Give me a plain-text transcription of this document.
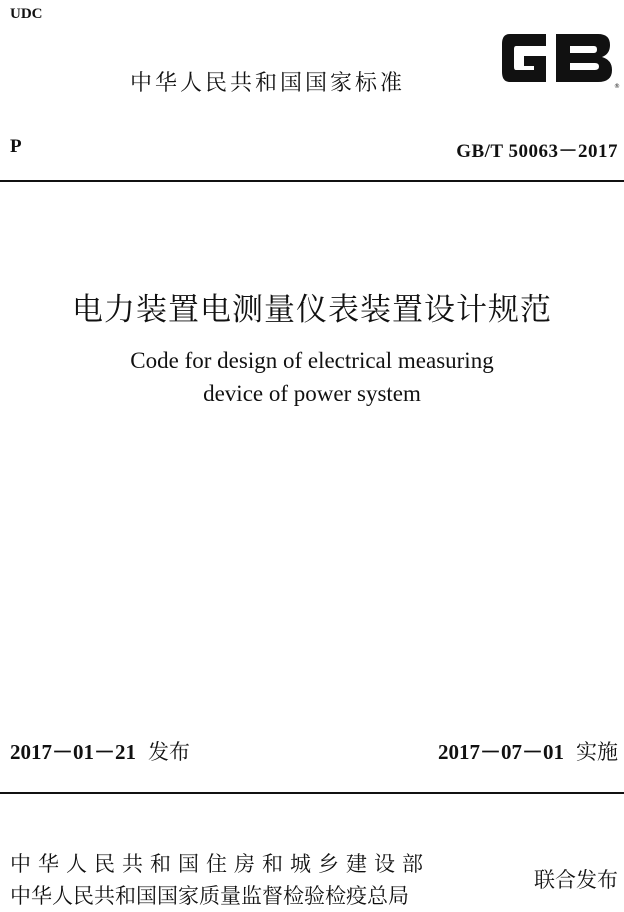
UDC
中华人民共和国国家标准	®
P	GB/T 50063－2017
电力装置电测量仪表装置设计规范
Code for design of electrical measuring
device of power system
2017－01－21 发布	2017－07－01 实施
中华人民共和国住房和城乡建设部
中华人民共和国国家质量监督检验检疫总局
联合发布
